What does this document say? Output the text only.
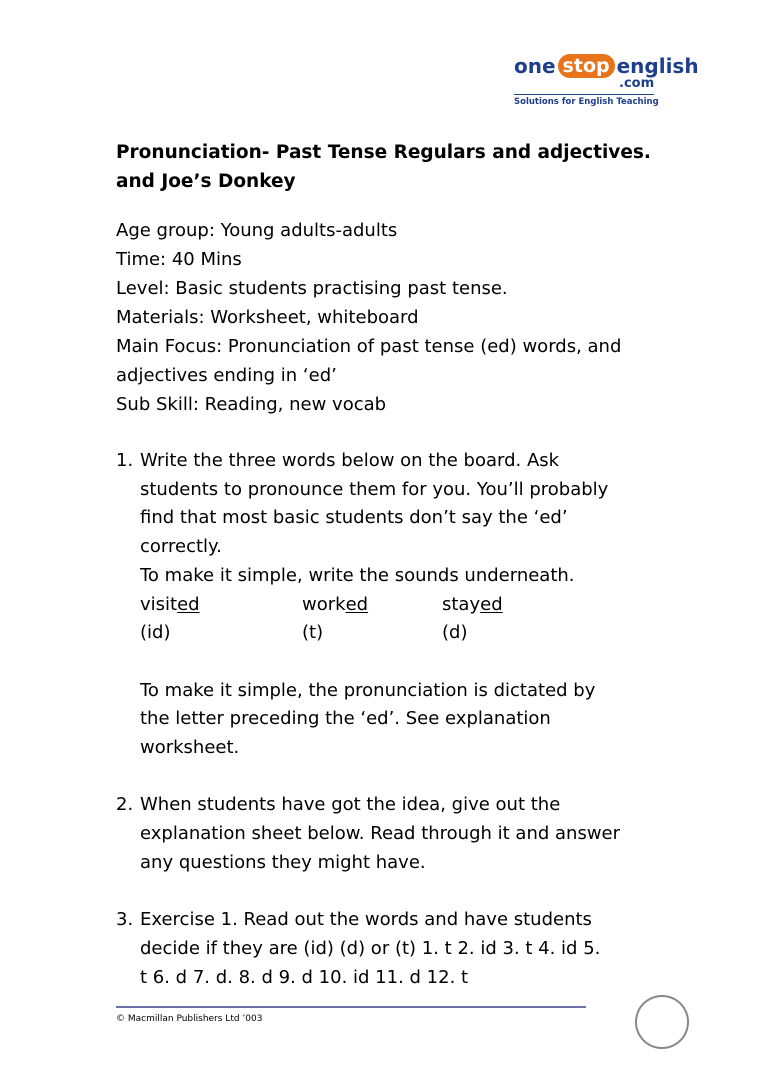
one stop english
.com
Solutions for English Teaching
Pronunciation- Past Tense Regulars and adjectives.
and Joe’s Donkey
Age group: Young adults-adults
Time: 40 Mins
Level: Basic students practising past tense.
Materials: Worksheet, whiteboard
Main Focus: Pronunciation of past tense (ed) words, and
adjectives ending in ‘ed’
Sub Skill: Reading, new vocab
1. Write the three words below on the board. Ask
students to pronounce them for you. You’ll probably
find that most basic students don’t say the ‘ed’
correctly.
To make it simple, write the sounds underneath.
visited	worked	stayed
(id)	(t)	(d)
To make it simple, the pronunciation is dictated by
the letter preceding the ‘ed’. See explanation
worksheet.
2. When students have got the idea, give out the
explanation sheet below. Read through it and answer
any questions they might have.
3. Exercise 1. Read out the words and have students
decide if they are (id) (d) or (t) 1. t 2. id 3. t 4. id 5.
t 6. d 7. d. 8. d 9. d 10. id 11. d 12. t
© Macmillan Publishers Ltd ’003
